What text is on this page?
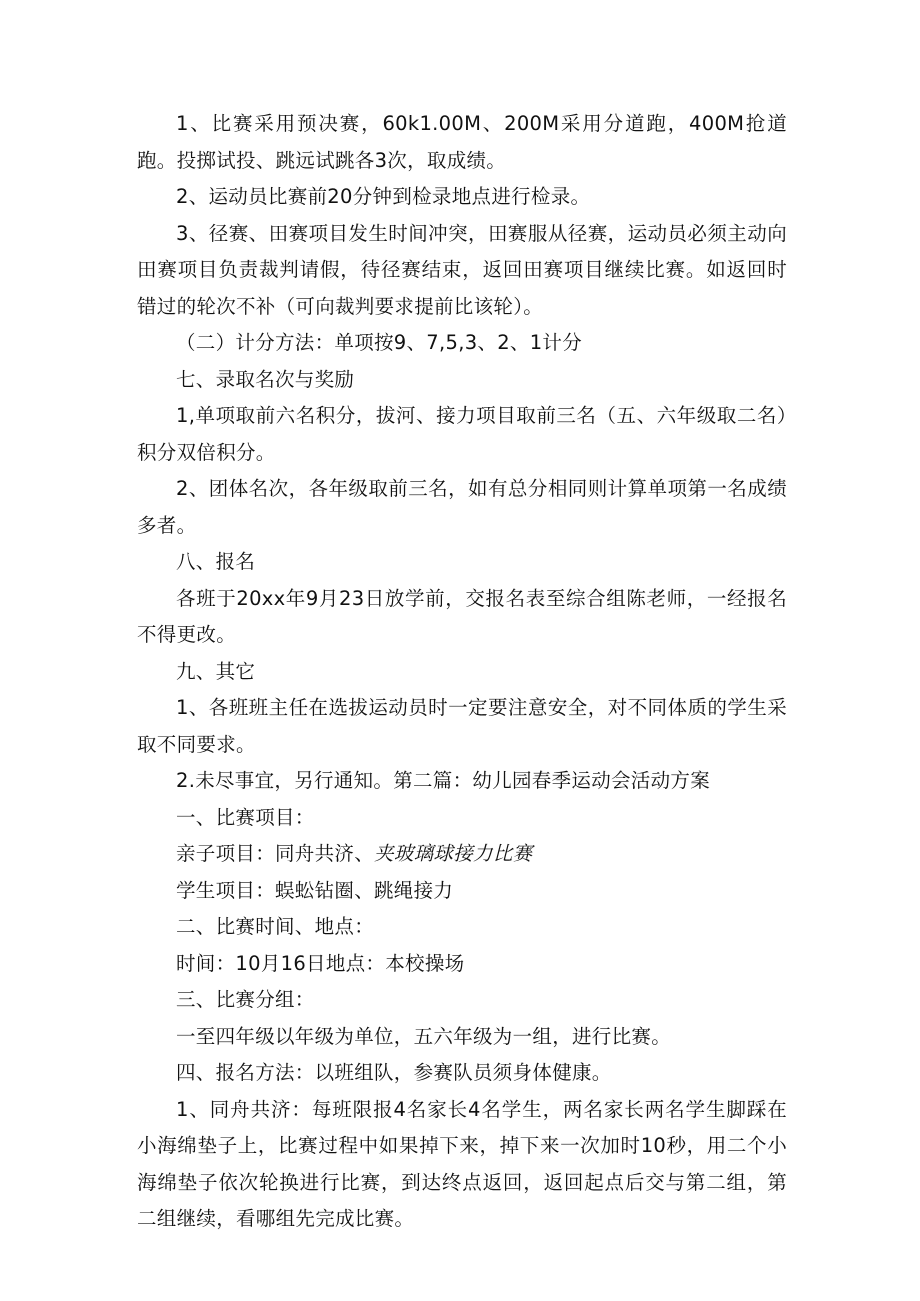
1、比赛采用预决赛，60k1.00M、200M采用分道跑，400M抢道跑。投掷试投、跳远试跳各3次，取成绩。

2、运动员比赛前20分钟到检录地点进行检录。

3、径赛、田赛项目发生时间冲突，田赛服从径赛，运动员必须主动向田赛项目负责裁判请假，待径赛结束，返回田赛项目继续比赛。如返回时错过的轮次不补（可向裁判要求提前比该轮）。

（二）计分方法：单项按9、7,5,3、2、1计分

七、录取名次与奖励

1,单项取前六名积分，拔河、接力项目取前三名（五、六年级取二名）积分双倍积分。

2、团体名次，各年级取前三名，如有总分相同则计算单项第一名成绩多者。

八、报名

各班于20xx年9月23日放学前，交报名表至综合组陈老师，一经报名不得更改。

九、其它

1、各班班主任在选拔运动员时一定要注意安全，对不同体质的学生采取不同要求。

2.未尽事宜，另行通知。第二篇：幼儿园春季运动会活动方案

一、比赛项目：

亲子项目：同舟共济、夹玻璃球接力比赛

学生项目：蜈蚣钻圈、跳绳接力

二、比赛时间、地点：

时间：10月16日地点：本校操场

三、比赛分组：

一至四年级以年级为单位，五六年级为一组，进行比赛。

四、报名方法：以班组队，参赛队员须身体健康。

1、同舟共济：每班限报4名家长4名学生，两名家长两名学生脚踩在小海绵垫子上，比赛过程中如果掉下来，掉下来一次加时10秒，用二个小海绵垫子依次轮换进行比赛，到达终点返回，返回起点后交与第二组，第二组继续，看哪组先完成比赛。
